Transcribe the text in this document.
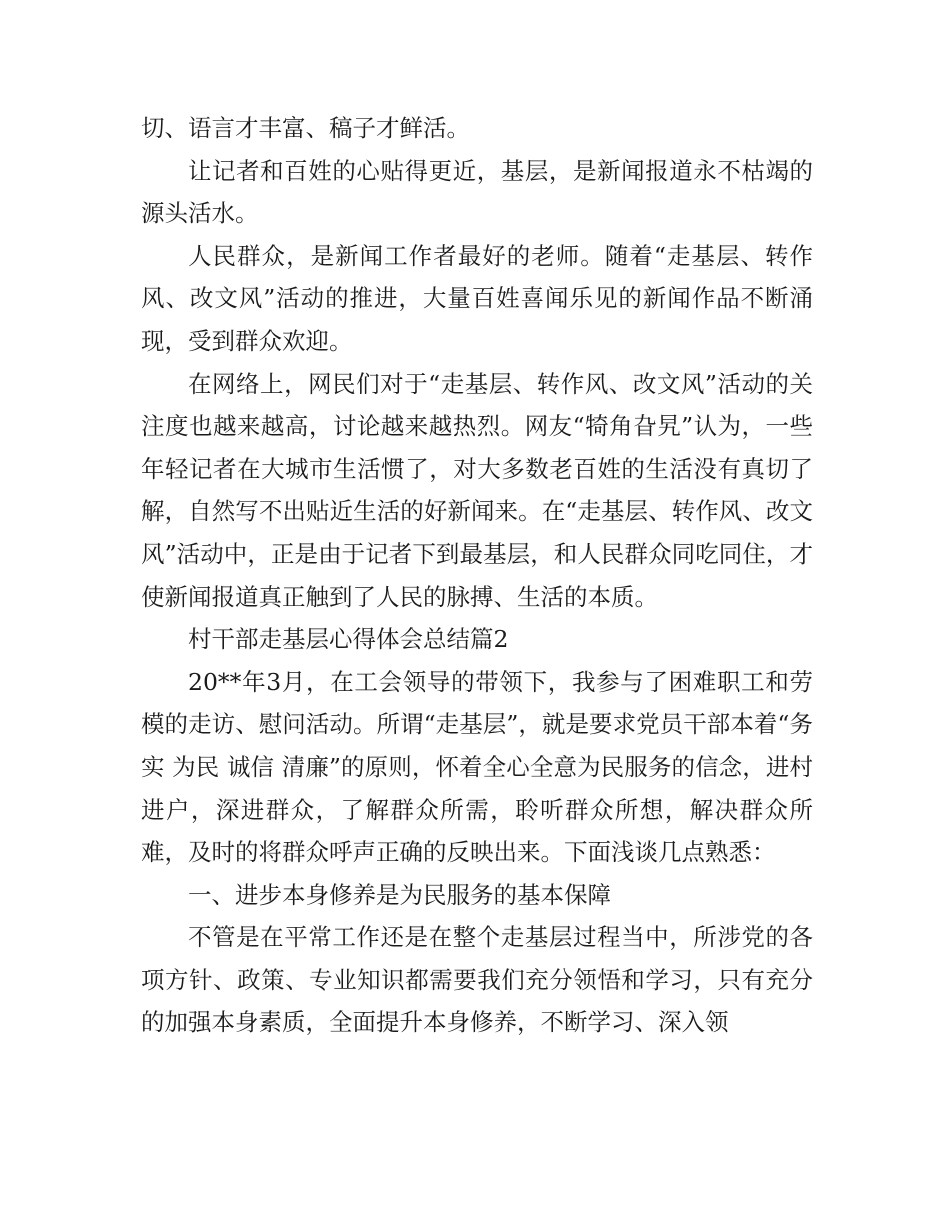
切、语言才丰富、稿子才鲜活。

让记者和百姓的心贴得更近，基层，是新闻报道永不枯竭的源头活水。

人民群众，是新闻工作者最好的老师。随着“走基层、转作风、改文风”活动的推进，大量百姓喜闻乐见的新闻作品不断涌现，受到群众欢迎。

在网络上，网民们对于“走基层、转作风、改文风”活动的关注度也越来越高，讨论越来越热烈。网友“犄角旮旯”认为，一些年轻记者在大城市生活惯了，对大多数老百姓的生活没有真切了解，自然写不出贴近生活的好新闻来。在“走基层、转作风、改文风”活动中，正是由于记者下到最基层，和人民群众同吃同住，才使新闻报道真正触到了人民的脉搏、生活的本质。

村干部走基层心得体会总结篇2

20**年3月，在工会领导的带领下，我参与了困难职工和劳模的走访、慰问活动。所谓“走基层”，就是要求党员干部本着“务实 为民 诚信 清廉”的原则，怀着全心全意为民服务的信念，进村进户，深进群众，了解群众所需，聆听群众所想，解决群众所难，及时的将群众呼声正确的反映出来。下面浅谈几点熟悉：

一、进步本身修养是为民服务的基本保障

不管是在平常工作还是在整个走基层过程当中，所涉党的各项方针、政策、专业知识都需要我们充分领悟和学习，只有充分的加强本身素质，全面提升本身修养，不断学习、深入领
